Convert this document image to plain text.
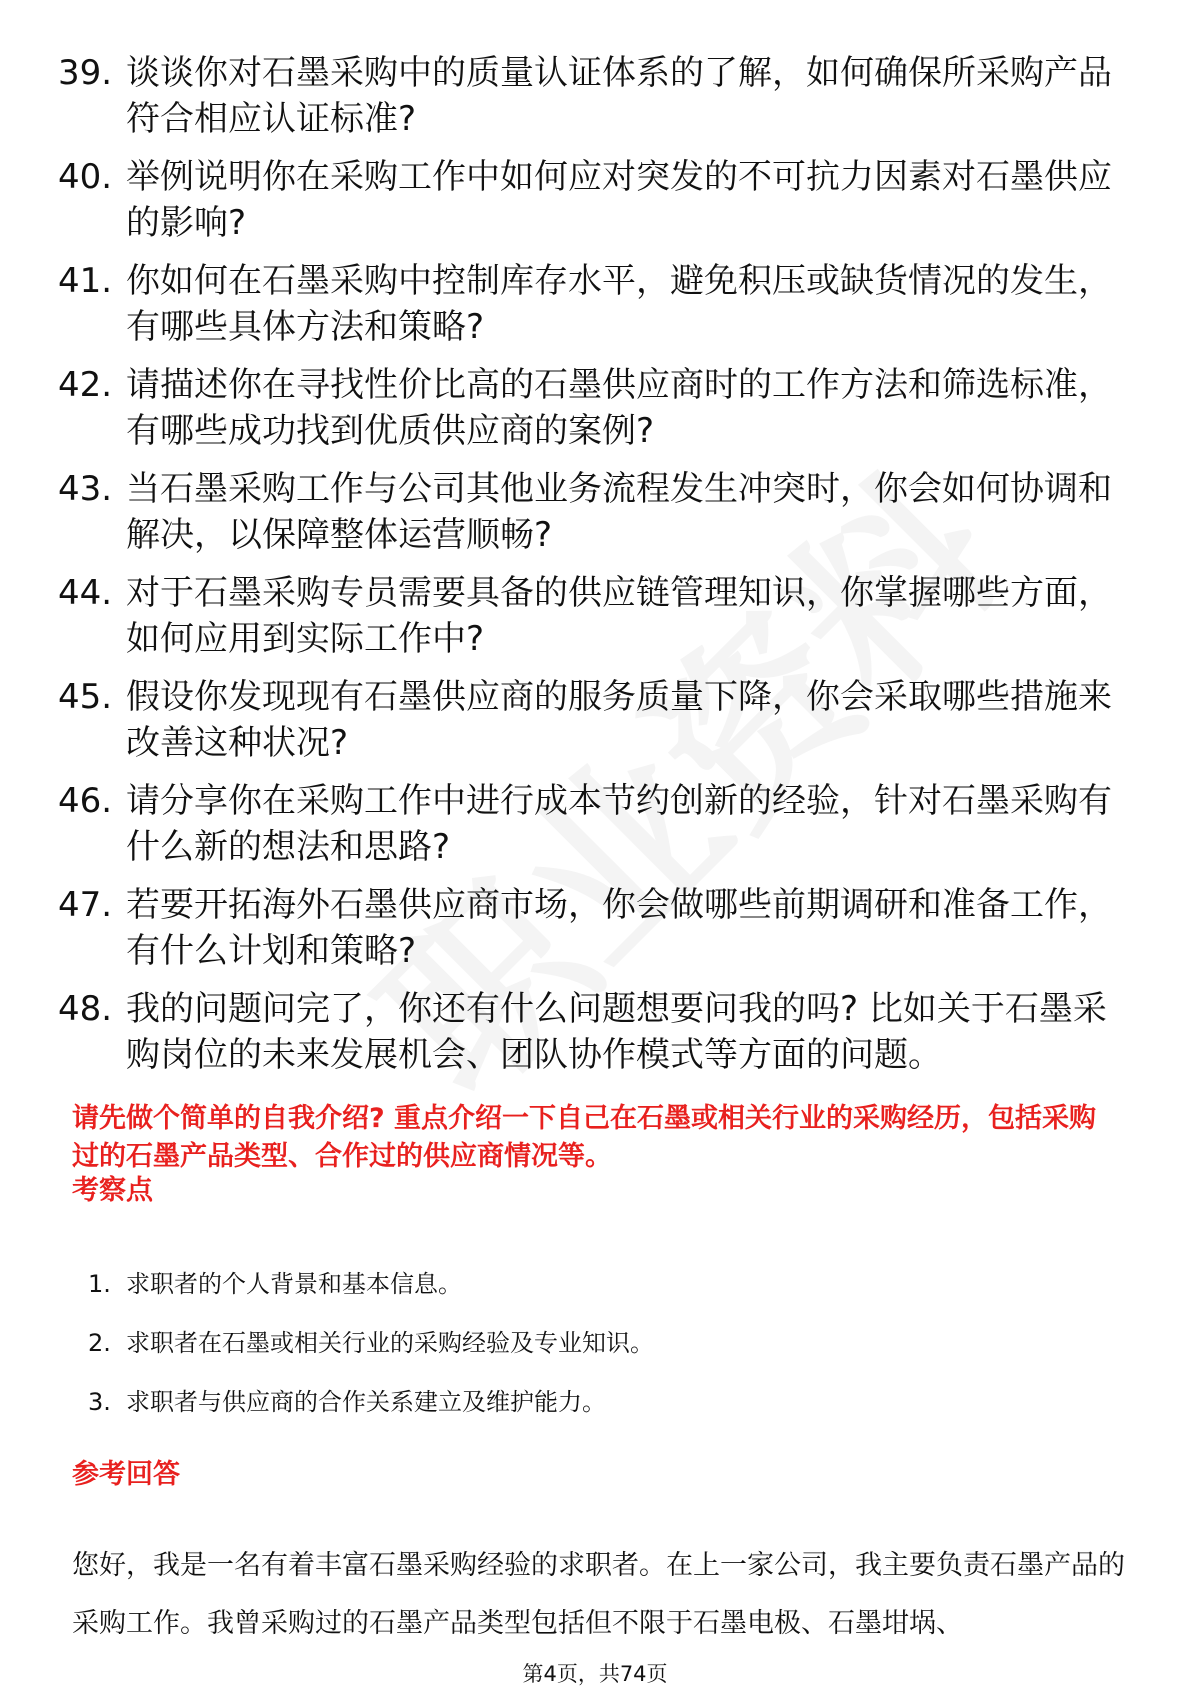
39. 谈谈你对石墨采购中的质量认证体系的了解，如何确保所采购产品符合相应认证标准?
40. 举例说明你在采购工作中如何应对突发的不可抗力因素对石墨供应的影响?
41. 你如何在石墨采购中控制库存水平，避免积压或缺货情况的发生，有哪些具体方法和策略?
42. 请描述你在寻找性价比高的石墨供应商时的工作方法和筛选标准，有哪些成功找到优质供应商的案例?
43. 当石墨采购工作与公司其他业务流程发生冲突时，你会如何协调和解决，以保障整体运营顺畅?
44. 对于石墨采购专员需要具备的供应链管理知识，你掌握哪些方面，如何应用到实际工作中?
45. 假设你发现现有石墨供应商的服务质量下降，你会采取哪些措施来改善这种状况?
46. 请分享你在采购工作中进行成本节约创新的经验，针对石墨采购有什么新的想法和思路?
47. 若要开拓海外石墨供应商市场，你会做哪些前期调研和准备工作，有什么计划和策略?
48. 我的问题问完了，你还有什么问题想要问我的吗? 比如关于石墨采购岗位的未来发展机会、团队协作模式等方面的问题。
请先做个简单的自我介绍? 重点介绍一下自己在石墨或相关行业的采购经历，包括采购过的石墨产品类型、合作过的供应商情况等。
考察点
1. 求职者的个人背景和基本信息。
2. 求职者在石墨或相关行业的采购经验及专业知识。
3. 求职者与供应商的合作关系建立及维护能力。
参考回答
您好，我是一名有着丰富石墨采购经验的求职者。在上一家公司，我主要负责石墨产品的采购工作。我曾采购过的石墨产品类型包括但不限于石墨电极、石墨坩埚、
第4页，共74页
